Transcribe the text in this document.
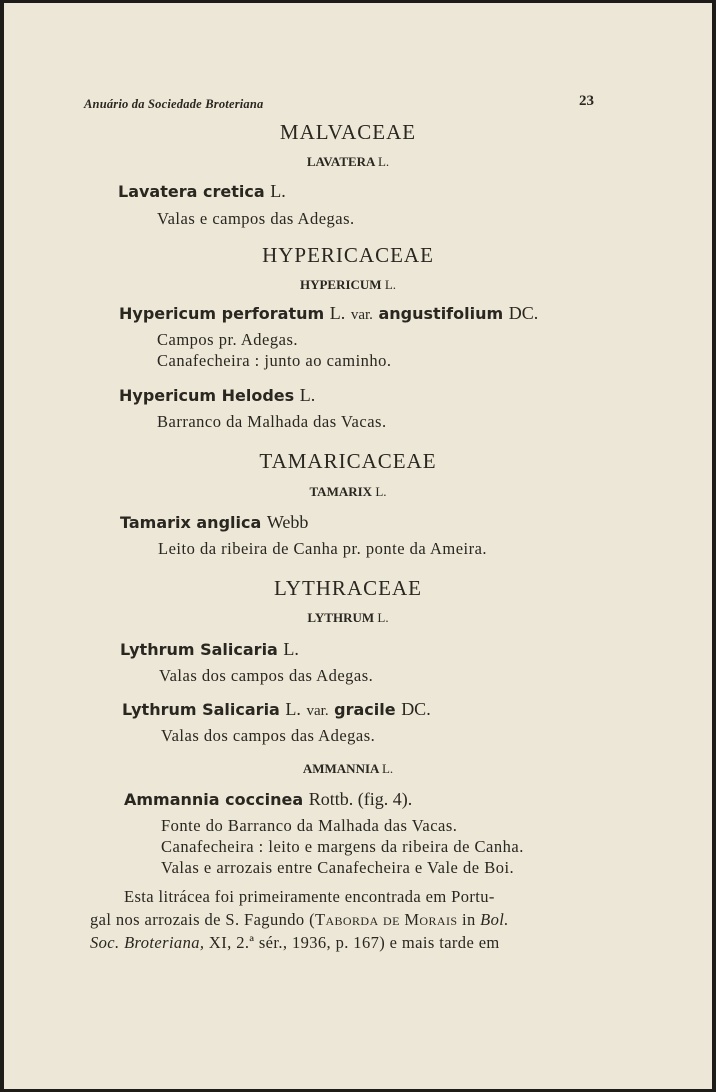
Anuário da Sociedade Broteriana	23
MALVACEAE
LAVATERA L.
Lavatera cretica L.
Valas e campos das Adegas.
HYPERICACEAE
HYPERICUM L.
Hypericum perforatum L. var. angustifolium DC.
Campos pr. Adegas.
Canafecheira : junto ao caminho.
Hypericum Helodes L.
Barranco da Malhada das Vacas.
TAMARICACEAE
TAMARIX L.
Tamarix anglica Webb
Leito da ribeira de Canha pr. ponte da Ameira.
LYTHRACEAE
LYTHRUM L.
Lythrum Salicaria L.
Valas dos campos das Adegas.
Lythrum Salicaria L. var. gracile DC.
Valas dos campos das Adegas.
AMMANNIA L.
Ammannia coccinea Rottb. (fig. 4).
Fonte do Barranco da Malhada das Vacas.
Canafecheira : leito e margens da ribeira de Canha.
Valas e arrozais entre Canafecheira e Vale de Boi.
Esta litrácea foi primeiramente encontrada em Portu-
gal nos arrozais de S. Fagundo (Taborda de Morais in Bol.
Soc. Broteriana, XI, 2.ª sér., 1936, p. 167) e mais tarde em
